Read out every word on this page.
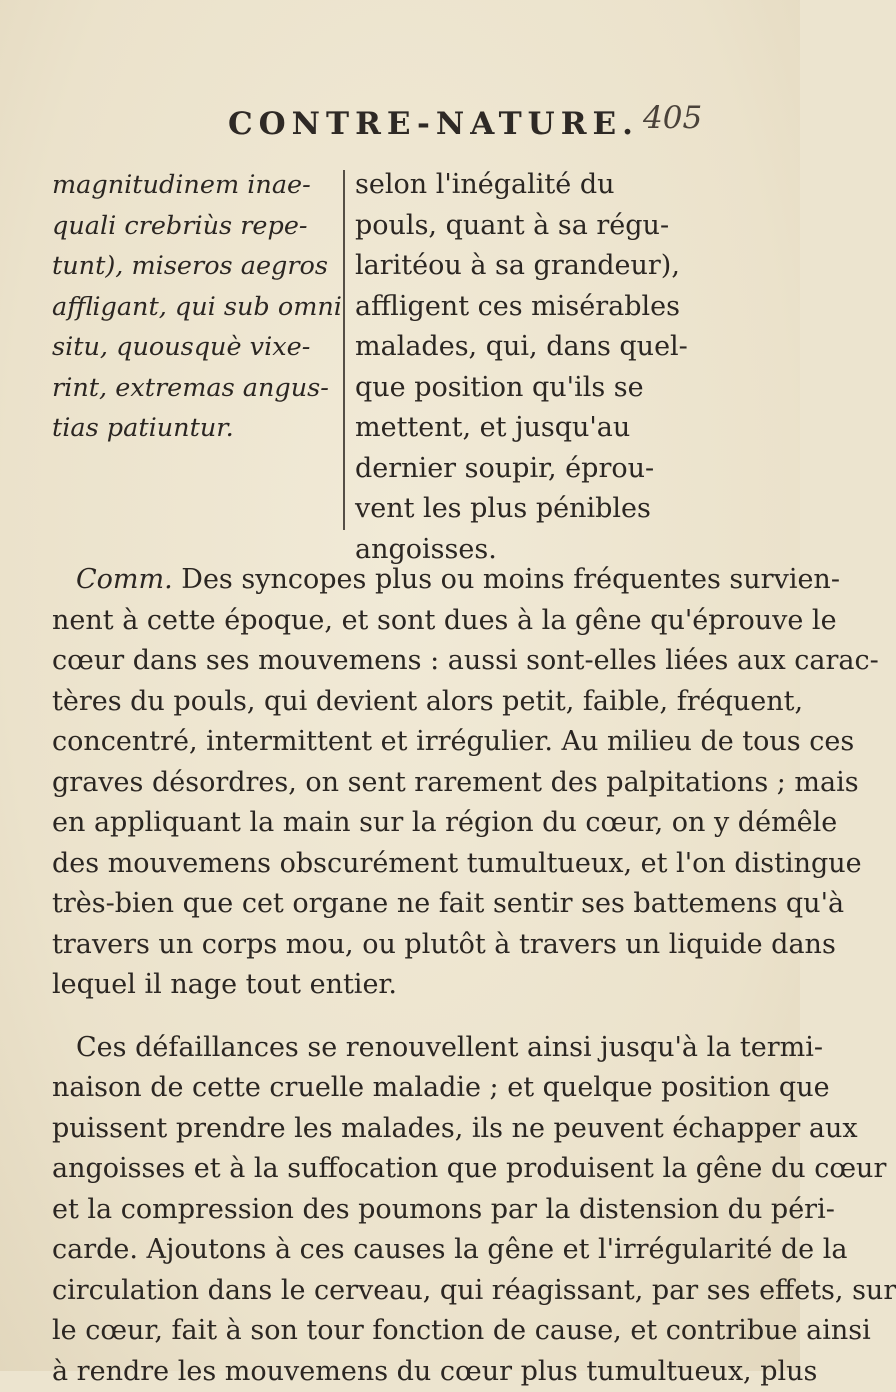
CONTRE-NATURE. 405
magnitudinem inae-
quali crebriùs repe-
tunt), miseros aegros
affligant, qui sub omni
situ, quousquè vixe-
rint, extremas angus-
tias patiuntur.
selon l'inégalité du
pouls, quant à sa régu-
laritéou à sa grandeur),
affligent ces misérables
malades, qui, dans quel-
que position qu'ils se
mettent, et jusqu'au
dernier soupir, éprou-
vent les plus pénibles
angoisses.
Comm. Des syncopes plus ou moins fréquentes survien-
nent à cette époque, et sont dues à la gêne qu'éprouve le
cœur dans ses mouvemens : aussi sont-elles liées aux carac-
tères du pouls, qui devient alors petit, faible, fréquent,
concentré, intermittent et irrégulier. Au milieu de tous ces
graves désordres, on sent rarement des palpitations ; mais
en appliquant la main sur la région du cœur, on y démêle
des mouvemens obscurément tumultueux, et l'on distingue
très-bien que cet organe ne fait sentir ses battemens qu'à
travers un corps mou, ou plutôt à travers un liquide dans
lequel il nage tout entier.
Ces défaillances se renouvellent ainsi jusqu'à la termi-
naison de cette cruelle maladie ; et quelque position que
puissent prendre les malades, ils ne peuvent échapper aux
angoisses et à la suffocation que produisent la gêne du cœur
et la compression des poumons par la distension du péri-
carde. Ajoutons à ces causes la gêne et l'irrégularité de la
circulation dans le cerveau, qui réagissant, par ses effets, sur
le cœur, fait à son tour fonction de cause, et contribue ainsi
à rendre les mouvemens du cœur plus tumultueux, plus
